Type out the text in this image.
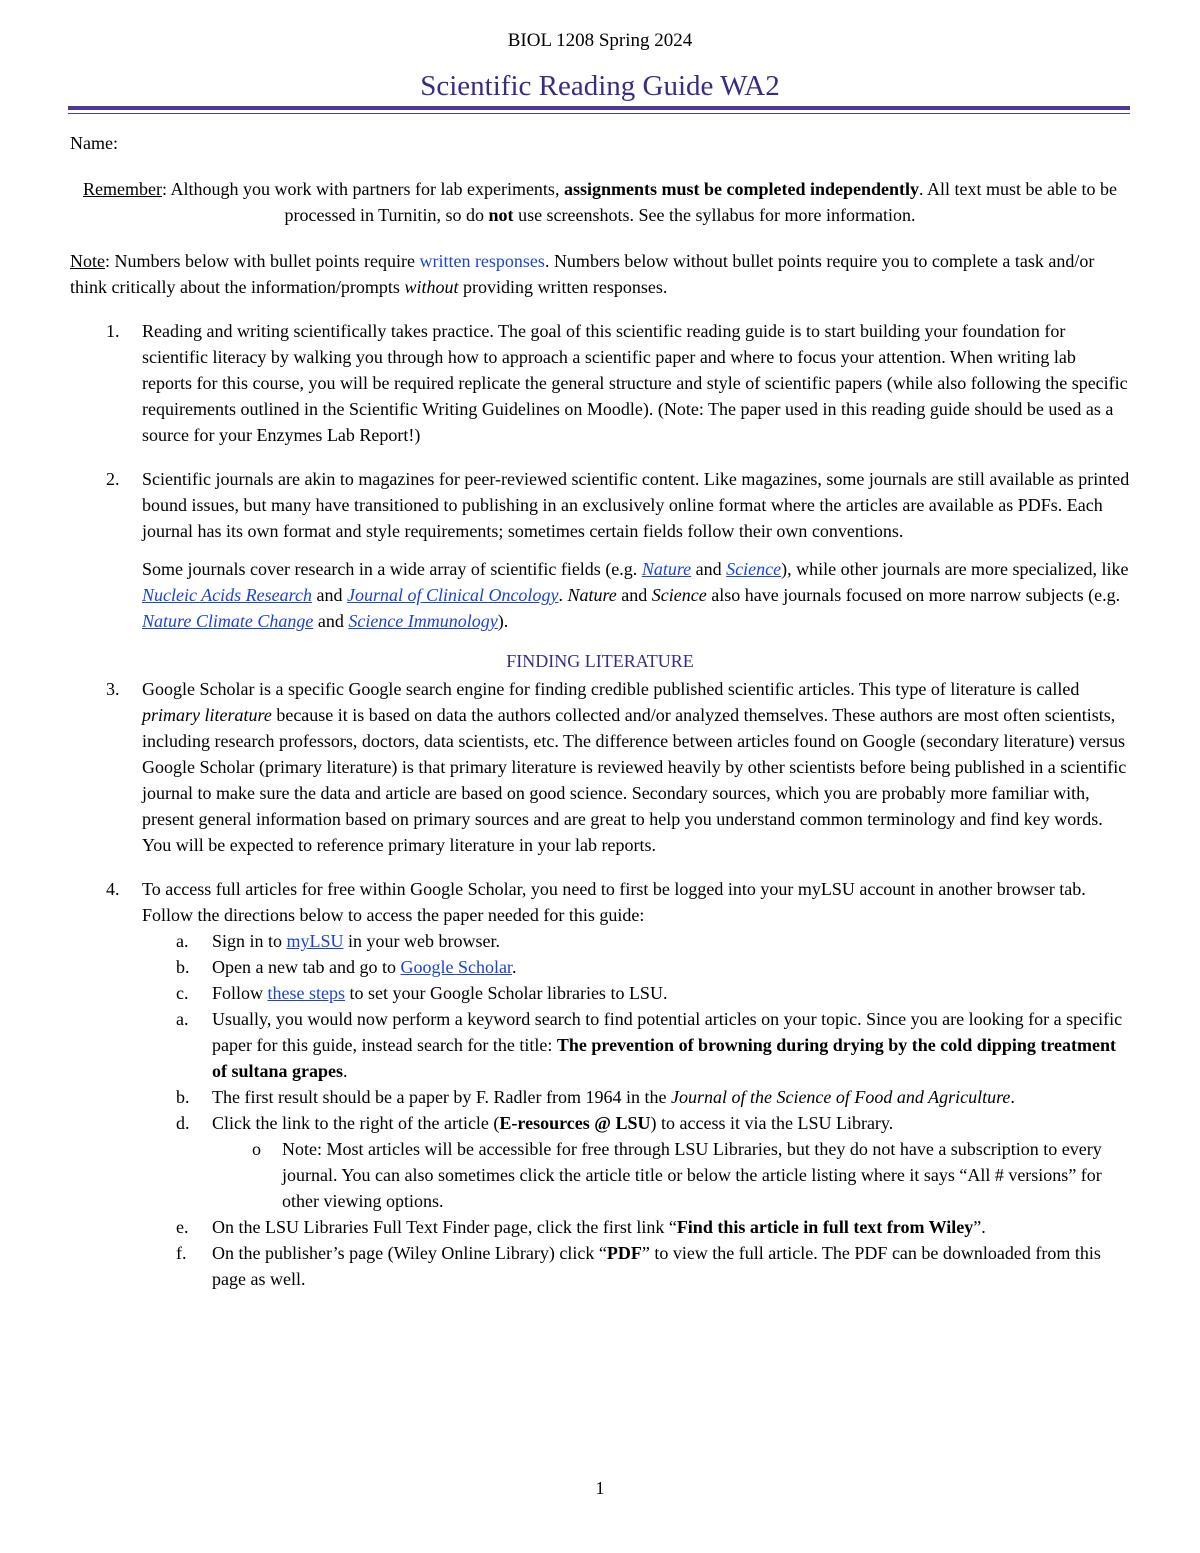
BIOL 1208 Spring 2024
Scientific Reading Guide WA2

Name:

Remember: Although you work with partners for lab experiments, assignments must be completed independently. All text must be able to be processed in Turnitin, so do not use screenshots. See the syllabus for more information.

Note: Numbers below with bullet points require written responses. Numbers below without bullet points require you to complete a task and/or think critically about the information/prompts without providing written responses.

1.	Reading and writing scientifically takes practice. The goal of this scientific reading guide is to start building your foundation for scientific literacy by walking you through how to approach a scientific paper and where to focus your attention. When writing lab reports for this course, you will be required replicate the general structure and style of scientific papers (while also following the specific requirements outlined in the Scientific Writing Guidelines on Moodle). (Note: The paper used in this reading guide should be used as a source for your Enzymes Lab Report!)
2.	Scientific journals are akin to magazines for peer-reviewed scientific content. Like magazines, some journals are still available as printed bound issues, but many have transitioned to publishing in an exclusively online format where the articles are available as PDFs. Each journal has its own format and style requirements; sometimes certain fields follow their own conventions.

Some journals cover research in a wide array of scientific fields (e.g. Nature and Science), while other journals are more specialized, like Nucleic Acids Research and Journal of Clinical Oncology. Nature and Science also have journals focused on more narrow subjects (e.g. Nature Climate Change and Science Immunology).

FINDING LITERATURE

3.	Google Scholar is a specific Google search engine for finding credible published scientific articles. This type of literature is called primary literature because it is based on data the authors collected and/or analyzed themselves. These authors are most often scientists, including research professors, doctors, data scientists, etc. The difference between articles found on Google (secondary literature) versus Google Scholar (primary literature) is that primary literature is reviewed heavily by other scientists before being published in a scientific journal to make sure the data and article are based on good science. Secondary sources, which you are probably more familiar with, present general information based on primary sources and are great to help you understand common terminology and find key words. You will be expected to reference primary literature in your lab reports.
4.	To access full articles for free within Google Scholar, you need to first be logged into your myLSU account in another browser tab. Follow the directions below to access the paper needed for this guide:

a.	Sign in to myLSU in your web browser.
b.	Open a new tab and go to Google Scholar.
c.	Follow these steps to set your Google Scholar libraries to LSU.
a.	Usually, you would now perform a keyword search to find potential articles on your topic. Since you are looking for a specific paper for this guide, instead search for the title: The prevention of browning during drying by the cold dipping treatment of sultana grapes.
b.	The first result should be a paper by F. Radler from 1964 in the Journal of the Science of Food and Agriculture.
d.	Click the link to the right of the article (E-resources @ LSU) to access it via the LSU Library.
o	Note: Most articles will be accessible for free through LSU Libraries, but they do not have a subscription to every journal. You can also sometimes click the article title or below the article listing where it says “All # versions” for other viewing options.
e.	On the LSU Libraries Full Text Finder page, click the first link “Find this article in full text from Wiley”.
f.	On the publisher’s page (Wiley Online Library) click “PDF” to view the full article. The PDF can be downloaded from this page as well.
1
